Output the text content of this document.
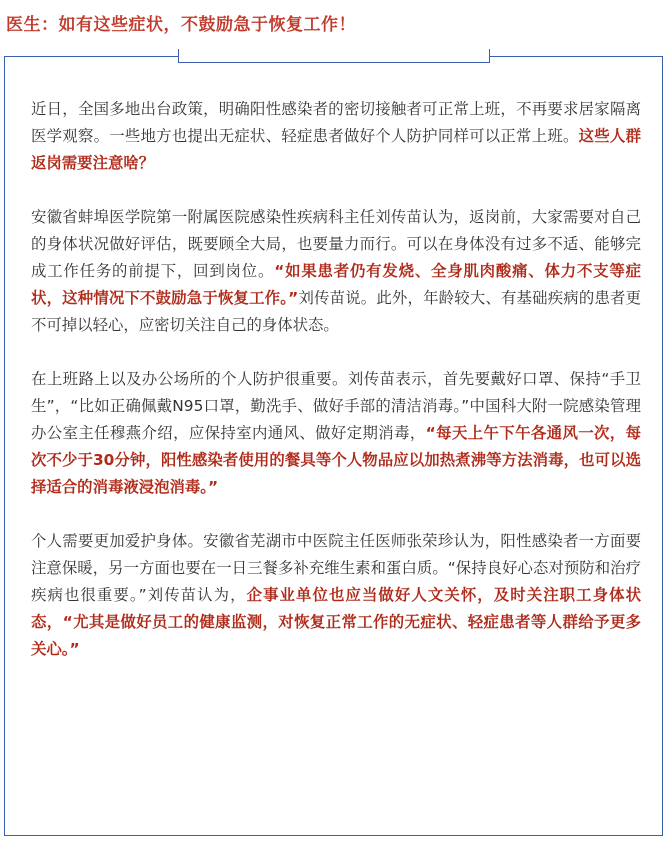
医生：如有这些症状，不鼓励急于恢复工作！

近日，全国多地出台政策，明确阳性感染者的密切接触者可正常上班，不再要求居家隔离医学观察。一些地方也提出无症状、轻症患者做好个人防护同样可以正常上班。这些人群返岗需要注意啥？

安徽省蚌埠医学院第一附属医院感染性疾病科主任刘传苗认为，返岗前，大家需要对自己的身体状况做好评估，既要顾全大局，也要量力而行。可以在身体没有过多不适、能够完成工作任务的前提下，回到岗位。“如果患者仍有发烧、全身肌肉酸痛、体力不支等症状，这种情况下不鼓励急于恢复工作。”刘传苗说。此外，年龄较大、有基础疾病的患者更不可掉以轻心，应密切关注自己的身体状态。

在上班路上以及办公场所的个人防护很重要。刘传苗表示，首先要戴好口罩、保持“手卫生”，“比如正确佩戴N95口罩，勤洗手、做好手部的清洁消毒。”中国科大附一院感染管理办公室主任穆燕介绍，应保持室内通风、做好定期消毒，“每天上午下午各通风一次，每次不少于30分钟，阳性感染者使用的餐具等个人物品应以加热煮沸等方法消毒，也可以选择适合的消毒液浸泡消毒。”

个人需要更加爱护身体。安徽省芜湖市中医院主任医师张荣珍认为，阳性感染者一方面要注意保暖，另一方面也要在一日三餐多补充维生素和蛋白质。“保持良好心态对预防和治疗疾病也很重要。”刘传苗认为，企事业单位也应当做好人文关怀，及时关注职工身体状态，“尤其是做好员工的健康监测，对恢复正常工作的无症状、轻症患者等人群给予更多关心。”
